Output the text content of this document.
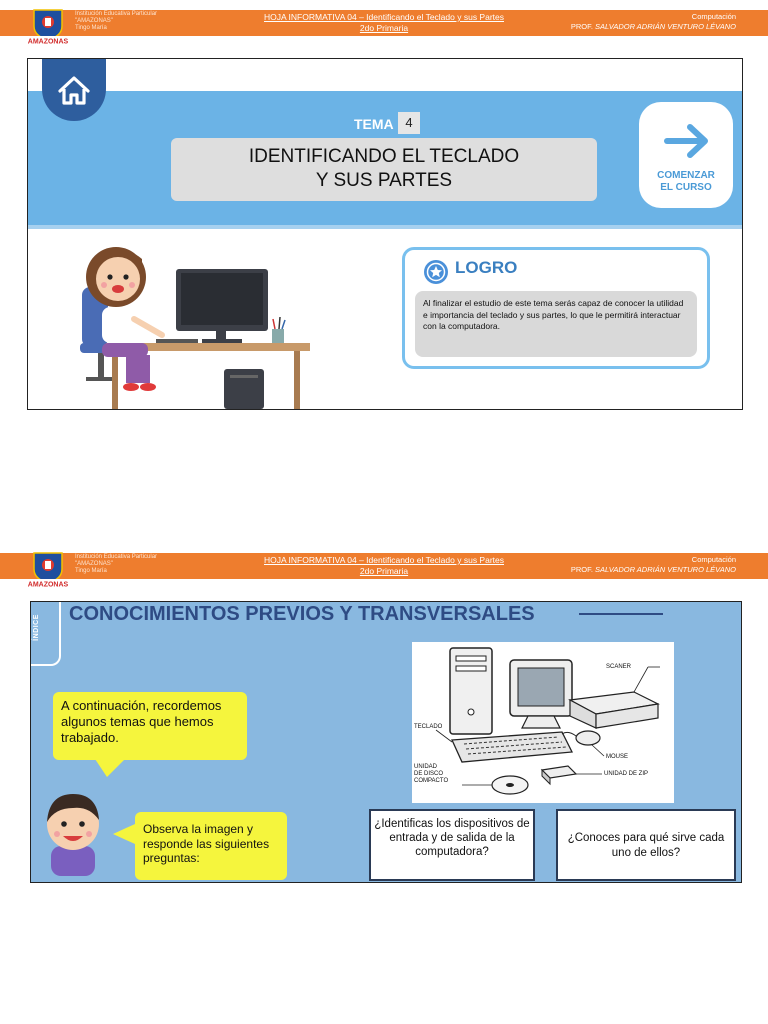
AMAZONAS
Institución Educativa Particular
"AMAZONAS"
Tingo María
HOJA INFORMATIVA 04 – Identificando el Teclado y sus Partes
2do Primaria
Computación
PROF. SALVADOR ADRIÁN VENTURO LÉVANO
TEMA 4
IDENTIFICANDO EL TECLADO
Y SUS PARTES	COMENZAR
EL CURSO
LOGRO
Al finalizar el estudio de este tema serás capaz de conocer la utilidad e importancia del teclado y sus partes, lo que le permitirá interactuar con la computadora.
AMAZONAS
Institución Educativa Particular
"AMAZONAS"
Tingo María
HOJA INFORMATIVA 04 – Identificando el Teclado y sus Partes
2do Primaria
Computación
PROF. SALVADOR ADRIÁN VENTURO LÉVANO
ÍNDICE
CONOCIMIENTOS PREVIOS Y TRANSVERSALES
A continuación, recordemos algunos temas que hemos trabajado.
Observa la imagen y responde las siguientes preguntas:
SCANER
TECLADO
MOUSE
UNIDAD
DE DISCO
COMPACTO
UNIDAD DE ZIP
¿Identificas los dispositivos de entrada y de salida de la computadora?
¿Conoces para qué sirve cada uno de ellos?
